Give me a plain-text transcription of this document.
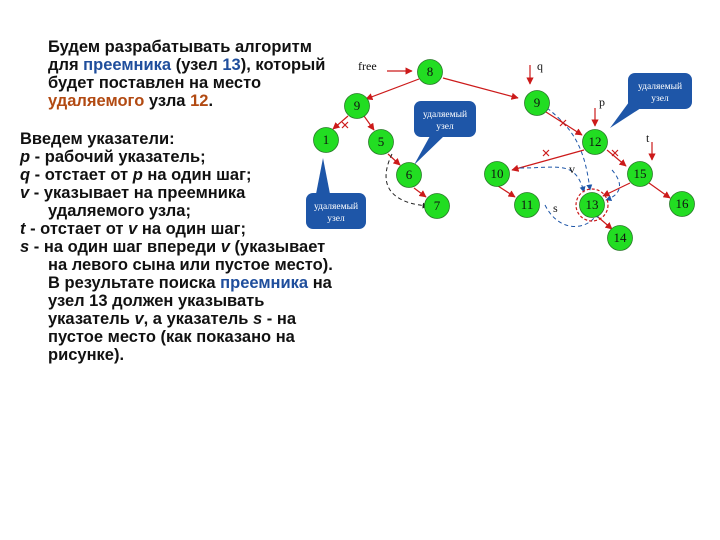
Будем разрабатывать алгоритм для преемника (узел 13), который будет поставлен на место удаляемого узла 12.

Введем указатели:

p - рабочий указатель;

q - отстает от p на один шаг;

v - указывает на преемника удаляемого узла;

t - отстает от v на один шаг;

s - на один шаг впереди v (указывает на левого сына или пустое место).

В результате поиска преемника на узел 13 должен указывать указатель v, а указатель s - на пустое место (как показано на рисунке).

free	q
p
t
v
s
удаляемый узел
удаляемый узел
удаляемый узел
8
9
1	5
6
7
9
12
10
11	13
14
15
16
